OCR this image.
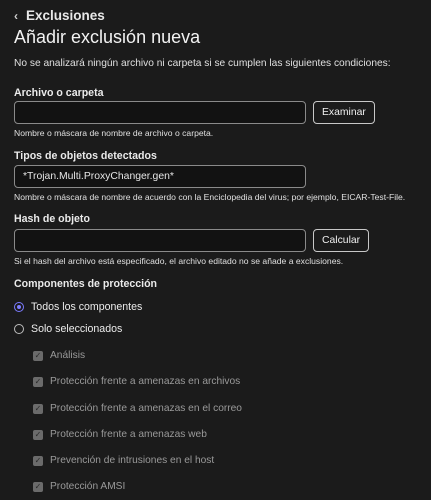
‹ Exclusiones
Añadir exclusión nueva
No se analizará ningún archivo ni carpeta si se cumplen las siguientes condiciones:
Archivo o carpeta
Examinar
Nombre o máscara de nombre de archivo o carpeta.
Tipos de objetos detectados
*Trojan.Multi.ProxyChanger.gen*
Nombre o máscara de nombre de acuerdo con la Enciclopedia del virus; por ejemplo, EICAR-Test-File.
Hash de objeto
Calcular
Si el hash del archivo está especificado, el archivo editado no se añade a exclusiones.
Componentes de protección
Todos los componentes
Solo seleccionados
✓ Análisis
✓ Protección frente a amenazas en archivos
✓ Protección frente a amenazas en el correo
✓ Protección frente a amenazas web
✓ Prevención de intrusiones en el host
✓ Protección AMSI
